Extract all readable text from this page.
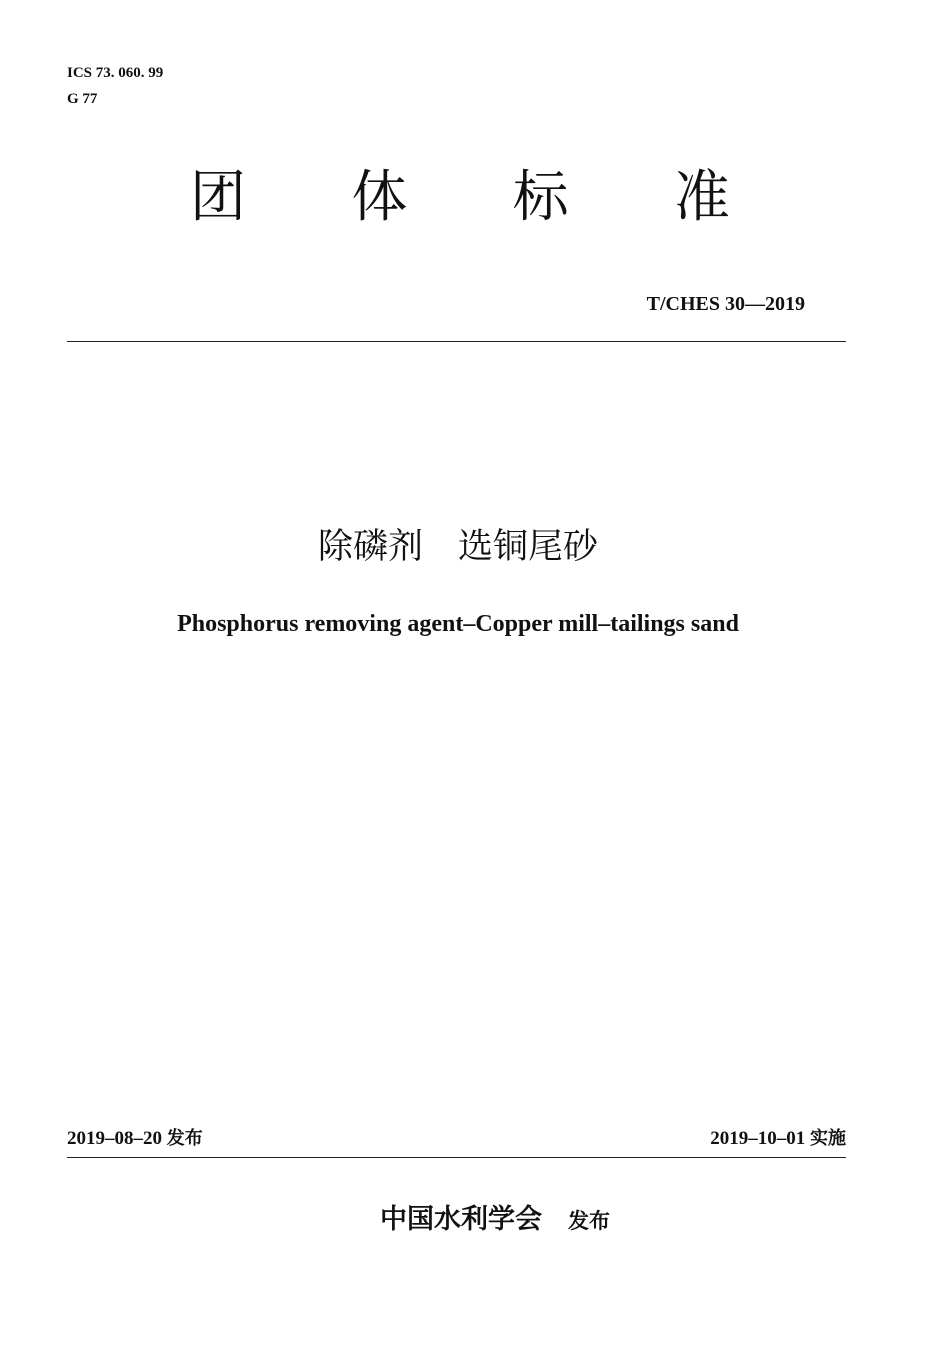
ICS 73. 060. 99
G 77
团 体 标 准
T/CHES 30—2019
除磷剂　选铜尾砂
Phosphorus removing agent–Copper mill–tailings sand
2019–08–20 发布	2019–10–01 实施
中国水利学会 发布
